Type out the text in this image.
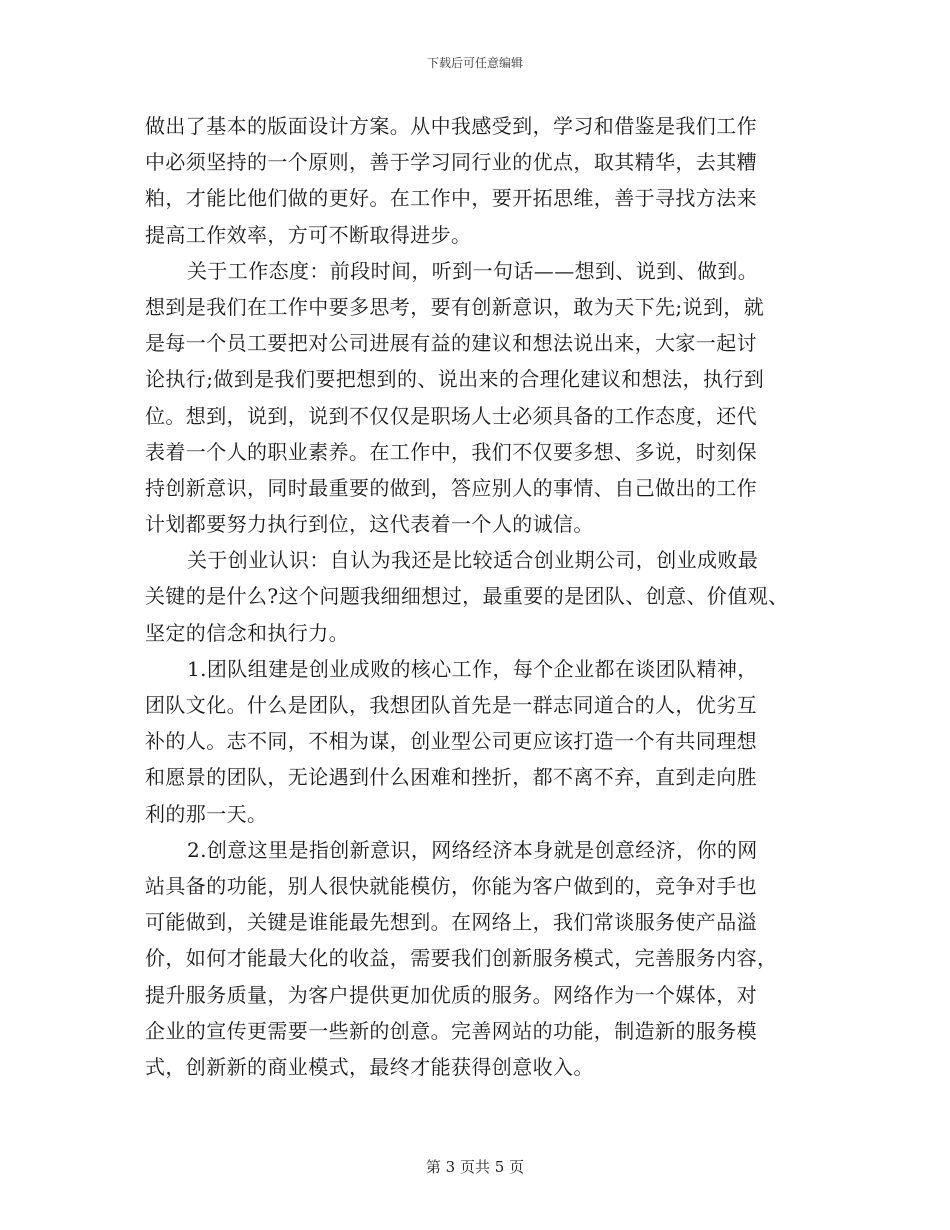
下载后可任意编辑
做出了基本的版面设计方案。从中我感受到，学习和借鉴是我们工作
中必须坚持的一个原则，善于学习同行业的优点，取其精华，去其糟
粕，才能比他们做的更好。在工作中，要开拓思维，善于寻找方法来
提高工作效率，方可不断取得进步。
关于工作态度：前段时间，听到一句话——想到、说到、做到。
想到是我们在工作中要多思考，要有创新意识，敢为天下先;说到，就
是每一个员工要把对公司进展有益的建议和想法说出来，大家一起讨
论执行;做到是我们要把想到的、说出来的合理化建议和想法，执行到
位。想到，说到，说到不仅仅是职场人士必须具备的工作态度，还代
表着一个人的职业素养。在工作中，我们不仅要多想、多说，时刻保
持创新意识，同时最重要的做到，答应别人的事情、自己做出的工作
计划都要努力执行到位，这代表着一个人的诚信。
关于创业认识：自认为我还是比较适合创业期公司，创业成败最
关键的是什么?这个问题我细细想过，最重要的是团队、创意、价值观、
坚定的信念和执行力。
1.团队组建是创业成败的核心工作，每个企业都在谈团队精神，
团队文化。什么是团队，我想团队首先是一群志同道合的人，优劣互
补的人。志不同，不相为谋，创业型公司更应该打造一个有共同理想
和愿景的团队，无论遇到什么困难和挫折，都不离不弃，直到走向胜
利的那一天。
2.创意这里是指创新意识，网络经济本身就是创意经济，你的网
站具备的功能，别人很快就能模仿，你能为客户做到的，竞争对手也
可能做到，关键是谁能最先想到。在网络上，我们常谈服务使产品溢
价，如何才能最大化的收益，需要我们创新服务模式，完善服务内容，
提升服务质量，为客户提供更加优质的服务。网络作为一个媒体，对
企业的宣传更需要一些新的创意。完善网站的功能，制造新的服务模
式，创新新的商业模式，最终才能获得创意收入。
第 3 页共 5 页
